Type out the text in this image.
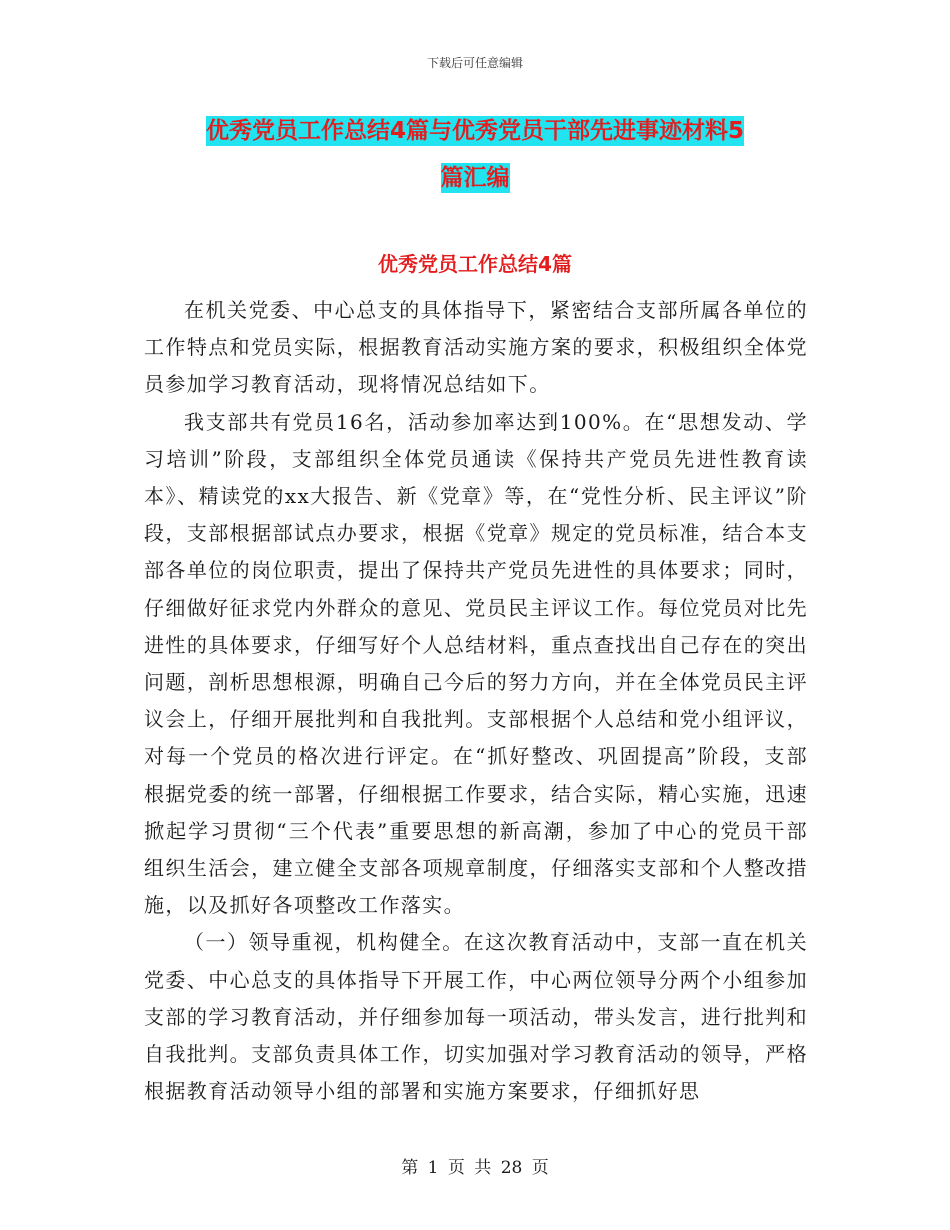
下载后可任意编辑
优秀党员工作总结4篇与优秀党员干部先进事迹材料5
篇汇编
优秀党员工作总结4篇

在机关党委、中心总支的具体指导下，紧密结合支部所属各单位的工作特点和党员实际，根据教育活动实施方案的要求，积极组织全体党员参加学习教育活动，现将情况总结如下。

我支部共有党员16名，活动参加率达到100%。在“思想发动、学习培训”阶段，支部组织全体党员通读《保持共产党员先进性教育读本》、精读党的xx大报告、新《党章》等，在“党性分析、民主评议”阶段，支部根据部试点办要求，根据《党章》规定的党员标准，结合本支部各单位的岗位职责，提出了保持共产党员先进性的具体要求；同时，仔细做好征求党内外群众的意见、党员民主评议工作。每位党员对比先进性的具体要求，仔细写好个人总结材料，重点查找出自己存在的突出问题，剖析思想根源，明确自己今后的努力方向，并在全体党员民主评议会上，仔细开展批判和自我批判。支部根据个人总结和党小组评议，对每一个党员的格次进行评定。在“抓好整改、巩固提高”阶段，支部根据党委的统一部署，仔细根据工作要求，结合实际，精心实施，迅速掀起学习贯彻“三个代表”重要思想的新高潮，参加了中心的党员干部组织生活会，建立健全支部各项规章制度，仔细落实支部和个人整改措施，以及抓好各项整改工作落实。

（一）领导重视，机构健全。在这次教育活动中，支部一直在机关党委、中心总支的具体指导下开展工作，中心两位领导分两个小组参加支部的学习教育活动，并仔细参加每一项活动，带头发言，进行批判和自我批判。支部负责具体工作，切实加强对学习教育活动的领导，严格根据教育活动领导小组的部署和实施方案要求，仔细抓好思

第 1 页 共 28 页
